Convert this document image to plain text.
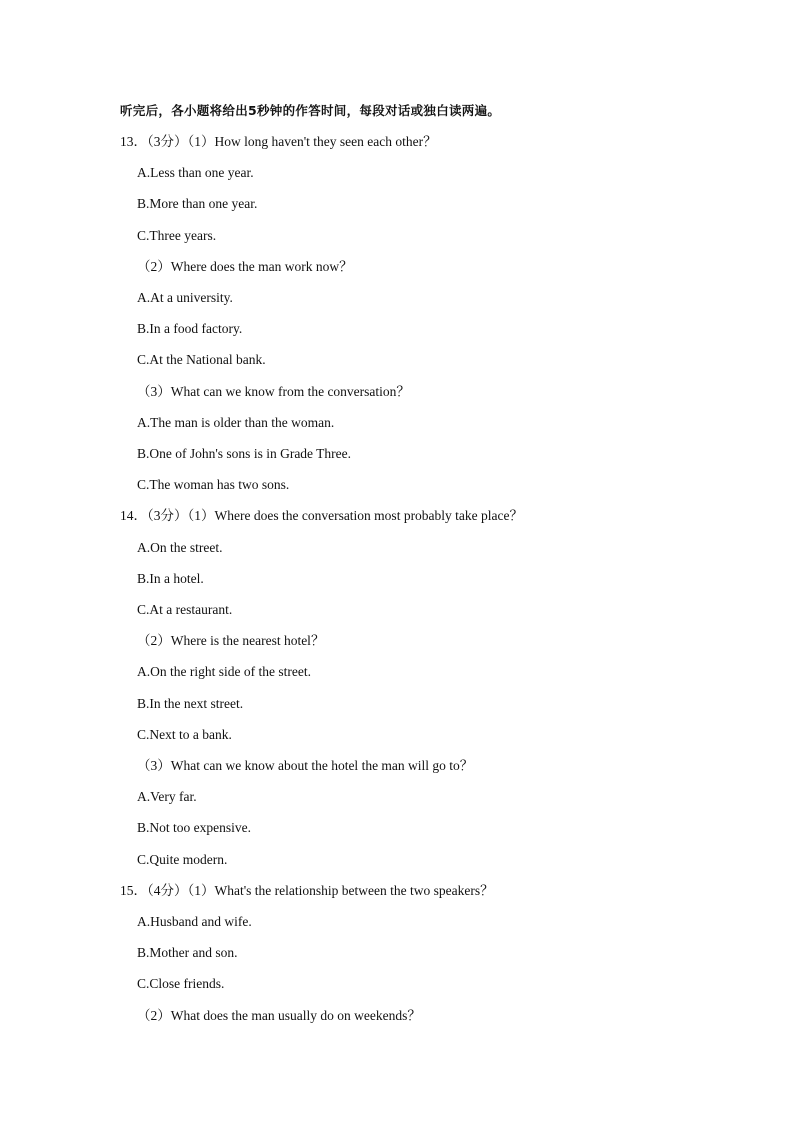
听完后，各小题将给出5秒钟的作答时间，每段对话或独白读两遍。
13．（3分）（1）How long haven't they seen each other？
A.Less than one year.
B.More than one year.
C.Three years.
（2）Where does the man work now？
A.At a university.
B.In a food factory.
C.At the National bank.
（3）What can we know from the conversation？
A.The man is older than the woman.
B.One of John's sons is in Grade Three.
C.The woman has two sons.
14．（3分）（1）Where does the conversation most probably take place？
A.On the street.
B.In a hotel.
C.At a restaurant.
（2）Where is the nearest hotel？
A.On the right side of the street.
B.In the next street.
C.Next to a bank.
（3）What can we know about the hotel the man will go to？
A.Very far.
B.Not too expensive.
C.Quite modern.
15．（4分）（1）What's the relationship between the two speakers？
A.Husband and wife.
B.Mother and son.
C.Close friends.
（2）What does the man usually do on weekends？
